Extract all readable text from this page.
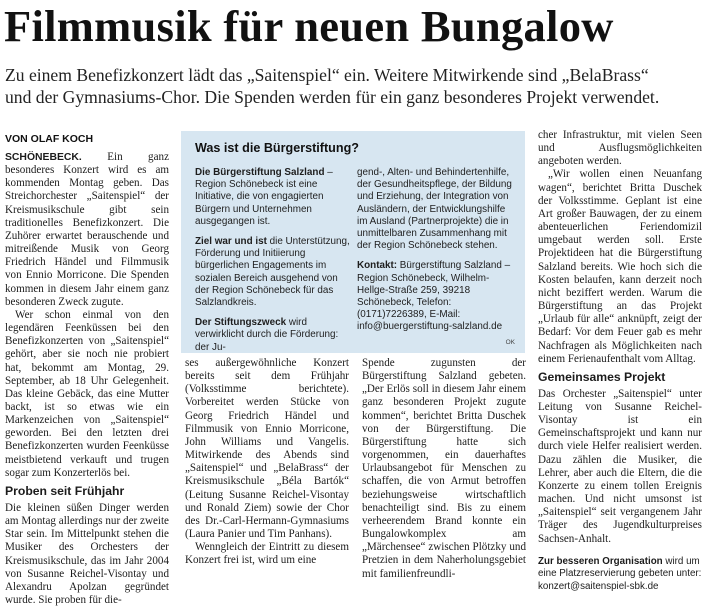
Filmmusik für neuen Bungalow
Zu einem Benefizkonzert lädt das „Saitenspiel“ ein. Weitere Mitwirkende sind „BelaBrass“
und der Gymnasiums-Chor. Die Spenden werden für ein ganz besonderes Projekt verwendet.
VON OLAF KOCH

SCHÖNEBECK. Ein ganz besonderes Konzert wird es am kommenden Montag geben. Das Streichorchester „Saitenspiel“ der Kreismusikschule gibt sein traditionelles Benefizkonzert. Die Zuhörer erwartet berauschende und mitreißende Musik von Georg Friedrich Händel und Filmmusik von Ennio Morricone. Die Spenden kommen in diesem Jahr einem ganz besonderen Zweck zugute.

Wer schon einmal von den legendären Feenküssen bei den Benefizkonzerten von „Saitenspiel“ gehört, aber sie noch nie probiert hat, bekommt am Montag, 29. September, ab 18 Uhr Gelegenheit. Das kleine Gebäck, das eine Mutter backt, ist so etwas wie ein Markenzeichen von „Saitenspiel“ geworden. Bei den letzten drei Benefizkonzerten wurden Feenküsse meistbietend verkauft und trugen sogar zum Konzerterlös bei.

Proben seit Frühjahr

Die kleinen süßen Dinger werden am Montag allerdings nur der zweite Star sein. Im Mittelpunkt stehen die Musiker des Orchesters der Kreismusikschule, das im Jahr 2004 von Susanne Reichel-Visontay und Alexandru Apolzan gegründet wurde. Sie proben für die-

Was ist die Bürgerstiftung?

Die Bürgerstiftung Salzland – Region Schönebeck ist eine Initiative, die von engagierten Bürgern und Unternehmen ausgegangen ist.

Ziel war und ist die Unterstützung, Förderung und Initiierung bürgerlichen Engagements im sozialen Bereich ausgehend von der Region Schönebeck für das Salzlandkreis.

Der Stiftungszweck wird verwirklicht durch die Förderung: der Ju-

gend-, Alten- und Behindertenhilfe, der Gesundheitspflege, der Bildung und Erziehung, der Integration von Ausländern, der Entwicklungshilfe im Ausland (Partnerprojekte) die in unmittelbaren Zusammenhang mit der Region Schönebeck stehen.

Kontakt: Bürgerstiftung Salzland – Region Schönebeck, Wilhelm-Hellge-Straße 259, 39218 Schönebeck, Telefon: (0171)7226389, E-Mail: info@buergerstiftung-salzland.de

OK

ses außergewöhnliche Konzert bereits seit dem Frühjahr (Volksstimme berichtete). Vorbereitet werden Stücke von Georg Friedrich Händel und Filmmusik von Ennio Morricone, John Williams und Vangelis. Mitwirkende des Abends sind „Saitenspiel“ und „BelaBrass“ der Kreismusikschule „Béla Bartók“ (Leitung Susanne Reichel-Visontay und Ronald Ziem) sowie der Chor des Dr.-Carl-Hermann-Gymnasiums (Laura Panier und Tim Panhans).

Wenngleich der Eintritt zu diesem Konzert frei ist, wird um eine

Spende zugunsten der Bürgerstiftung Salzland gebeten. „Der Erlös soll in diesem Jahr einem ganz besonderen Projekt zugute kommen“, berichtet Britta Duschek von der Bürgerstiftung. Die Bürgerstiftung hatte sich vorgenommen, ein dauerhaftes Urlaubsangebot für Menschen zu schaffen, die von Armut betroffen beziehungsweise wirtschaftlich benachteiligt sind. Bis zu einem verheerendem Brand konnte ein Bungalowkomplex am „Märchensee“ zwischen Plötzky und Pretzien in dem Naherholungsgebiet mit familienfreundli-

cher Infrastruktur, mit vielen Seen und Ausflugsmöglichkeiten angeboten werden.

„Wir wollen einen Neuanfang wagen“, berichtet Britta Duschek der Volksstimme. Geplant ist eine Art großer Bauwagen, der zu einem abenteuerlichen Feriendomizil umgebaut werden soll. Erste Projektideen hat die Bürgerstiftung Salzland bereits. Wie hoch sich die Kosten belaufen, kann derzeit noch nicht beziffert werden. Warum die Bürgerstiftung an das Projekt „Urlaub für alle“ anknüpft, zeigt der Bedarf: Vor dem Feuer gab es mehr Nachfragen als Möglichkeiten nach einem Ferienaufenthalt vom Alltag.

Gemeinsames Projekt

Das Orchester „Saitenspiel“ unter Leitung von Susanne Reichel-Visontay ist ein Gemeinschaftsprojekt und kann nur durch viele Helfer realisiert werden. Dazu zählen die Musiker, die Lehrer, aber auch die Eltern, die die Konzerte zu einem tollen Ereignis machen. Und nicht umsonst ist „Saitenspiel“ seit vergangenem Jahr Träger des Jugendkulturpreises Sachsen-Anhalt.

Zur besseren Organisation wird um eine Platzreservierung gebeten unter: konzert@saitenspiel-sbk.de
